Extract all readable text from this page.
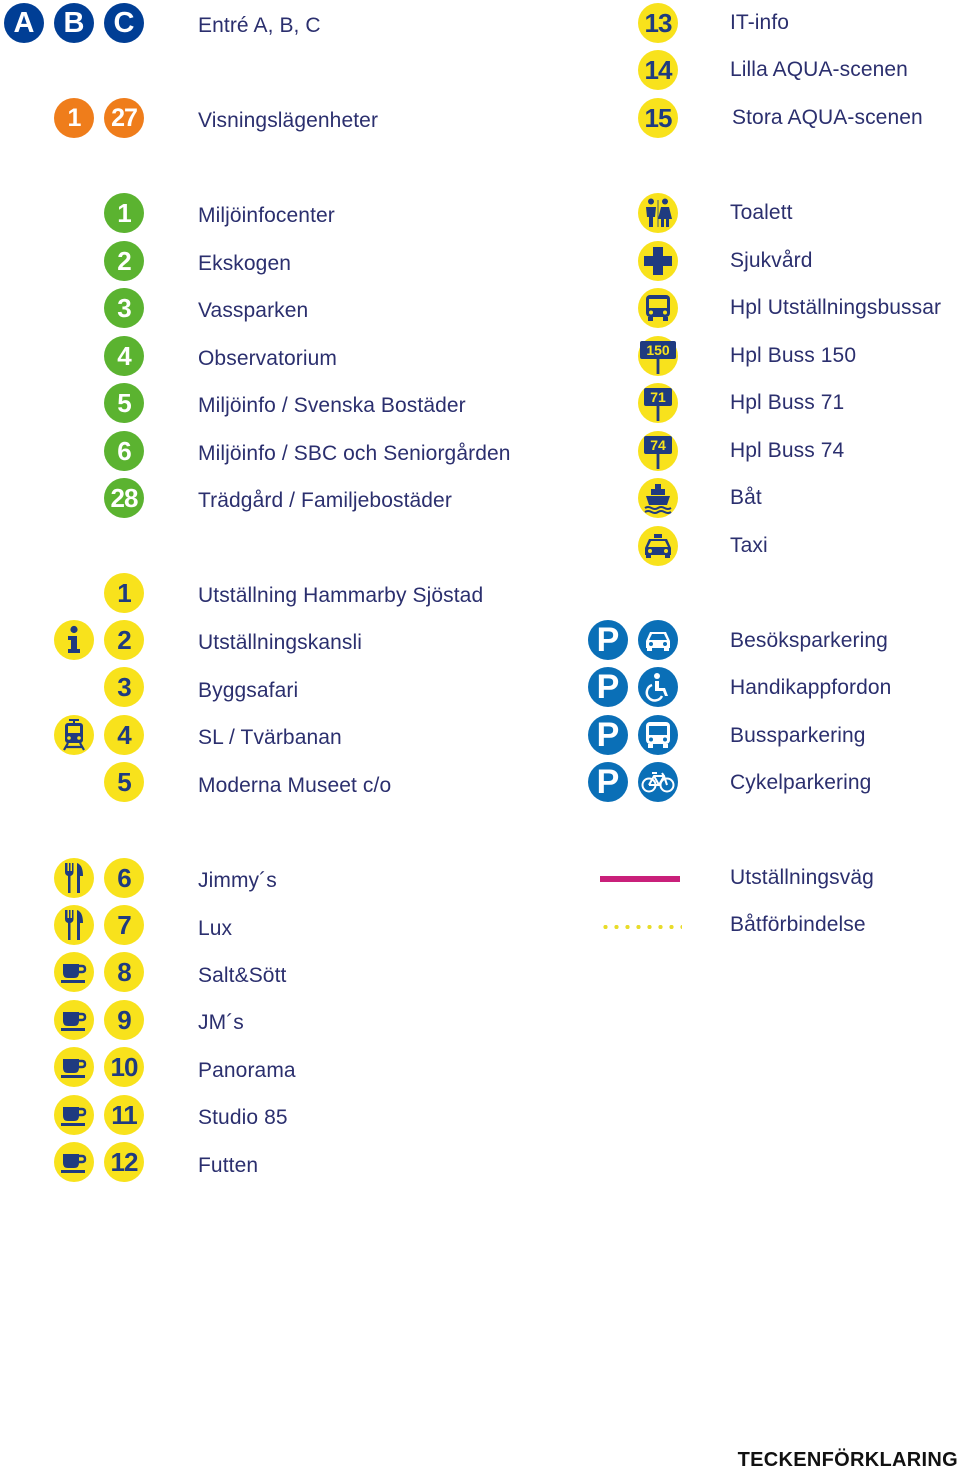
A	B	C	Entré A, B, C
1	27	Visningslägenheter
13	IT-info
14	Lilla AQUA-scenen
15	Stora AQUA-scenen
1	Miljöinfocenter
2	Ekskogen
3	Vassparken
4	Observatorium
5	Miljöinfo / Svenska Bostäder
6	Miljöinfo / SBC och Seniorgården
28	Trädgård / Familjebostäder
1	Utställning Hammarby Sjöstad
2	Utställningskansli
3	Byggsafari
4	SL / Tvärbanan
5	Moderna Museet c/o
Toalett
Sjukvård
Hpl Utställningsbussar
150	Hpl Buss 150
71	Hpl Buss 71
74	Hpl Buss 74
Båt
Taxi
P	Besöksparkering
P	Handikappfordon
P	Bussparkering
P	Cykelparkering
6	Jimmy´s
7	Lux
8	Salt&Sött
9	JM´s
10	Panorama
11	Studio 85
12	Futten
Utställningsväg
Båtförbindelse
TECKENFÖRKLARING
